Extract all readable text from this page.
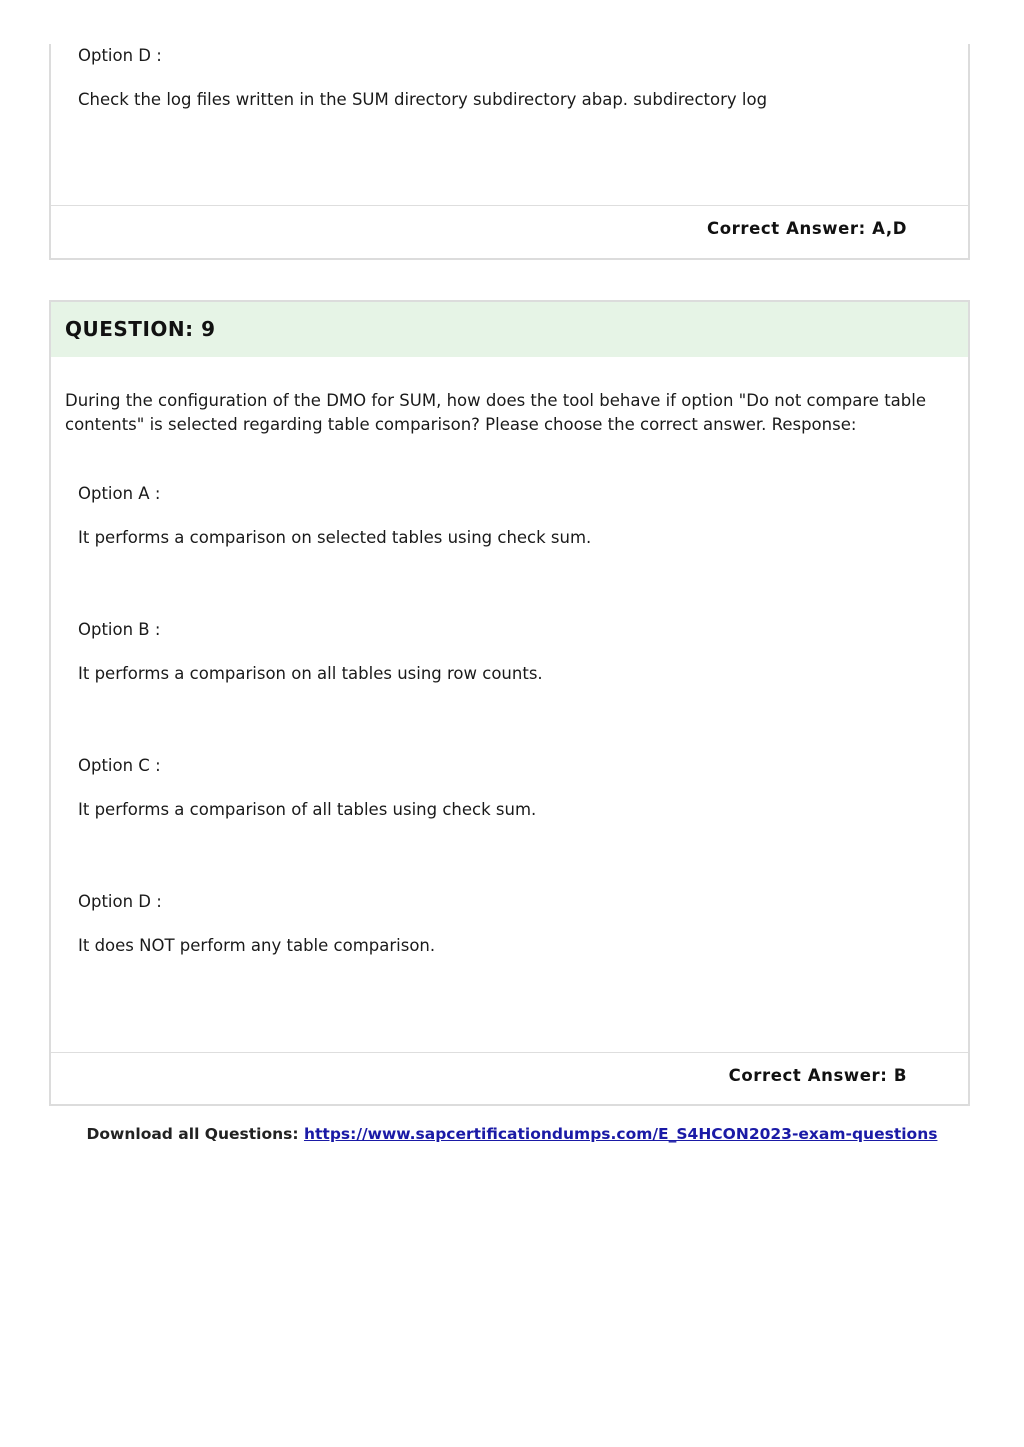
Option D :
Check the log files written in the SUM directory subdirectory abap. subdirectory log
Correct Answer: A,D
QUESTION: 9
During the configuration of the DMO for SUM, how does the tool behave if option "Do not compare table contents" is selected regarding table comparison? Please choose the correct answer. Response:
Option A :
It performs a comparison on selected tables using check sum.
Option B :
It performs a comparison on all tables using row counts.
Option C :
It performs a comparison of all tables using check sum.
Option D :
It does NOT perform any table comparison.
Correct Answer: B
Download all Questions: https://www.sapcertificationdumps.com/E_S4HCON2023-exam-questions
